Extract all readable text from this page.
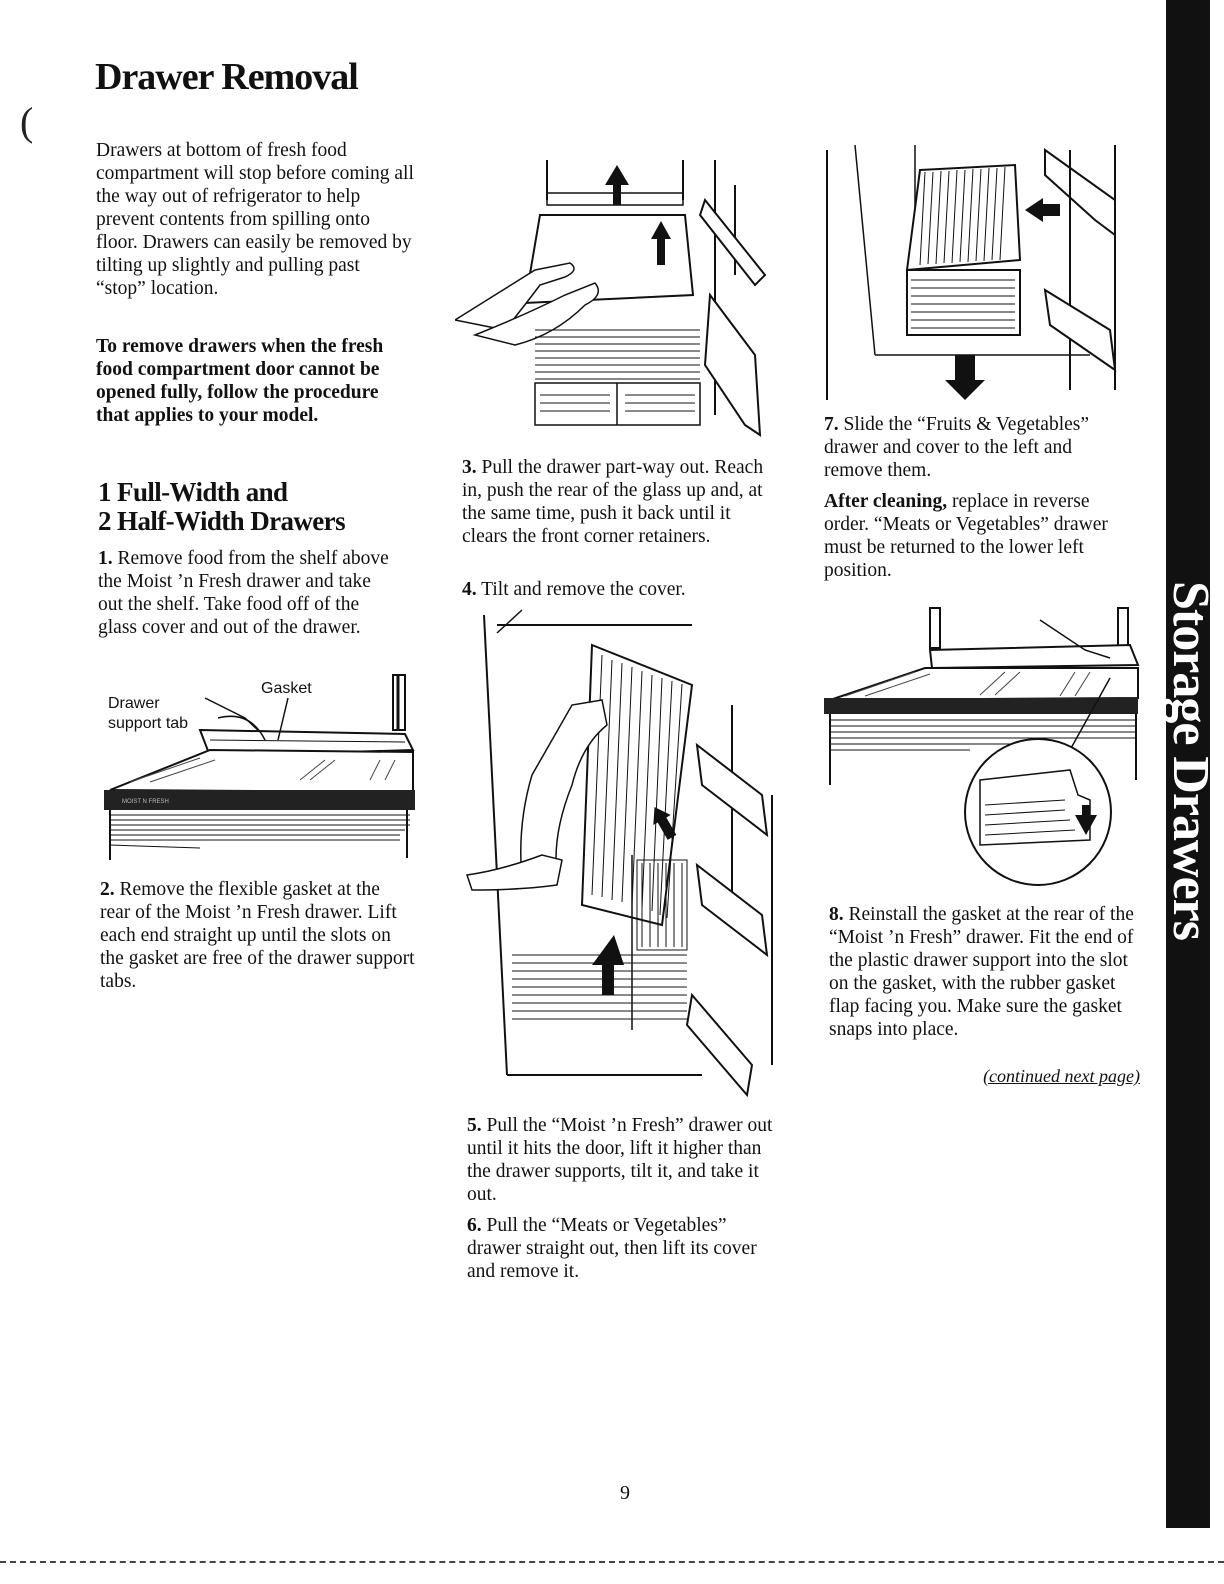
Drawer Removal
(

Drawers at bottom of fresh food compartment will stop before coming all the way out of refrigerator to help prevent contents from spilling onto floor. Drawers can easily be removed by tilting up slightly and pulling past “stop” location.

To remove drawers when the fresh food compartment door cannot be opened fully, follow the procedure that applies to your model.

1 Full-Width and
2 Half-Width Drawers

1. Remove food from the shelf above the Moist ’n Fresh drawer and take out the shelf. Take food off of the glass cover and out of the drawer.

MOIST N FRESH
Gasket
Drawer
support tab

2. Remove the flexible gasket at the rear of the Moist ’n Fresh drawer. Lift each end straight up until the slots on the gasket are free of the drawer support tabs.

3. Pull the drawer part-way out. Reach in, push the rear of the glass up and, at the same time, push it back until it clears the front corner retainers.

4. Tilt and remove the cover.

5. Pull the “Moist ’n Fresh” drawer out until it hits the door, lift it higher than the drawer supports, tilt it, and take it out.

6. Pull the “Meats or Vegetables” drawer straight out, then lift its cover and remove it.

7. Slide the “Fruits & Vegetables” drawer and cover to the left and remove them.

After cleaning, replace in reverse order. “Meats or Vegetables” drawer must be returned to the lower left position.

8. Reinstall the gasket at the rear of the “Moist ’n Fresh” drawer. Fit the end of the plastic drawer support into the slot on the gasket, with the rubber gasket flap facing you. Make sure the gasket snaps into place.

(continued next page)
Storage Drawers
9
